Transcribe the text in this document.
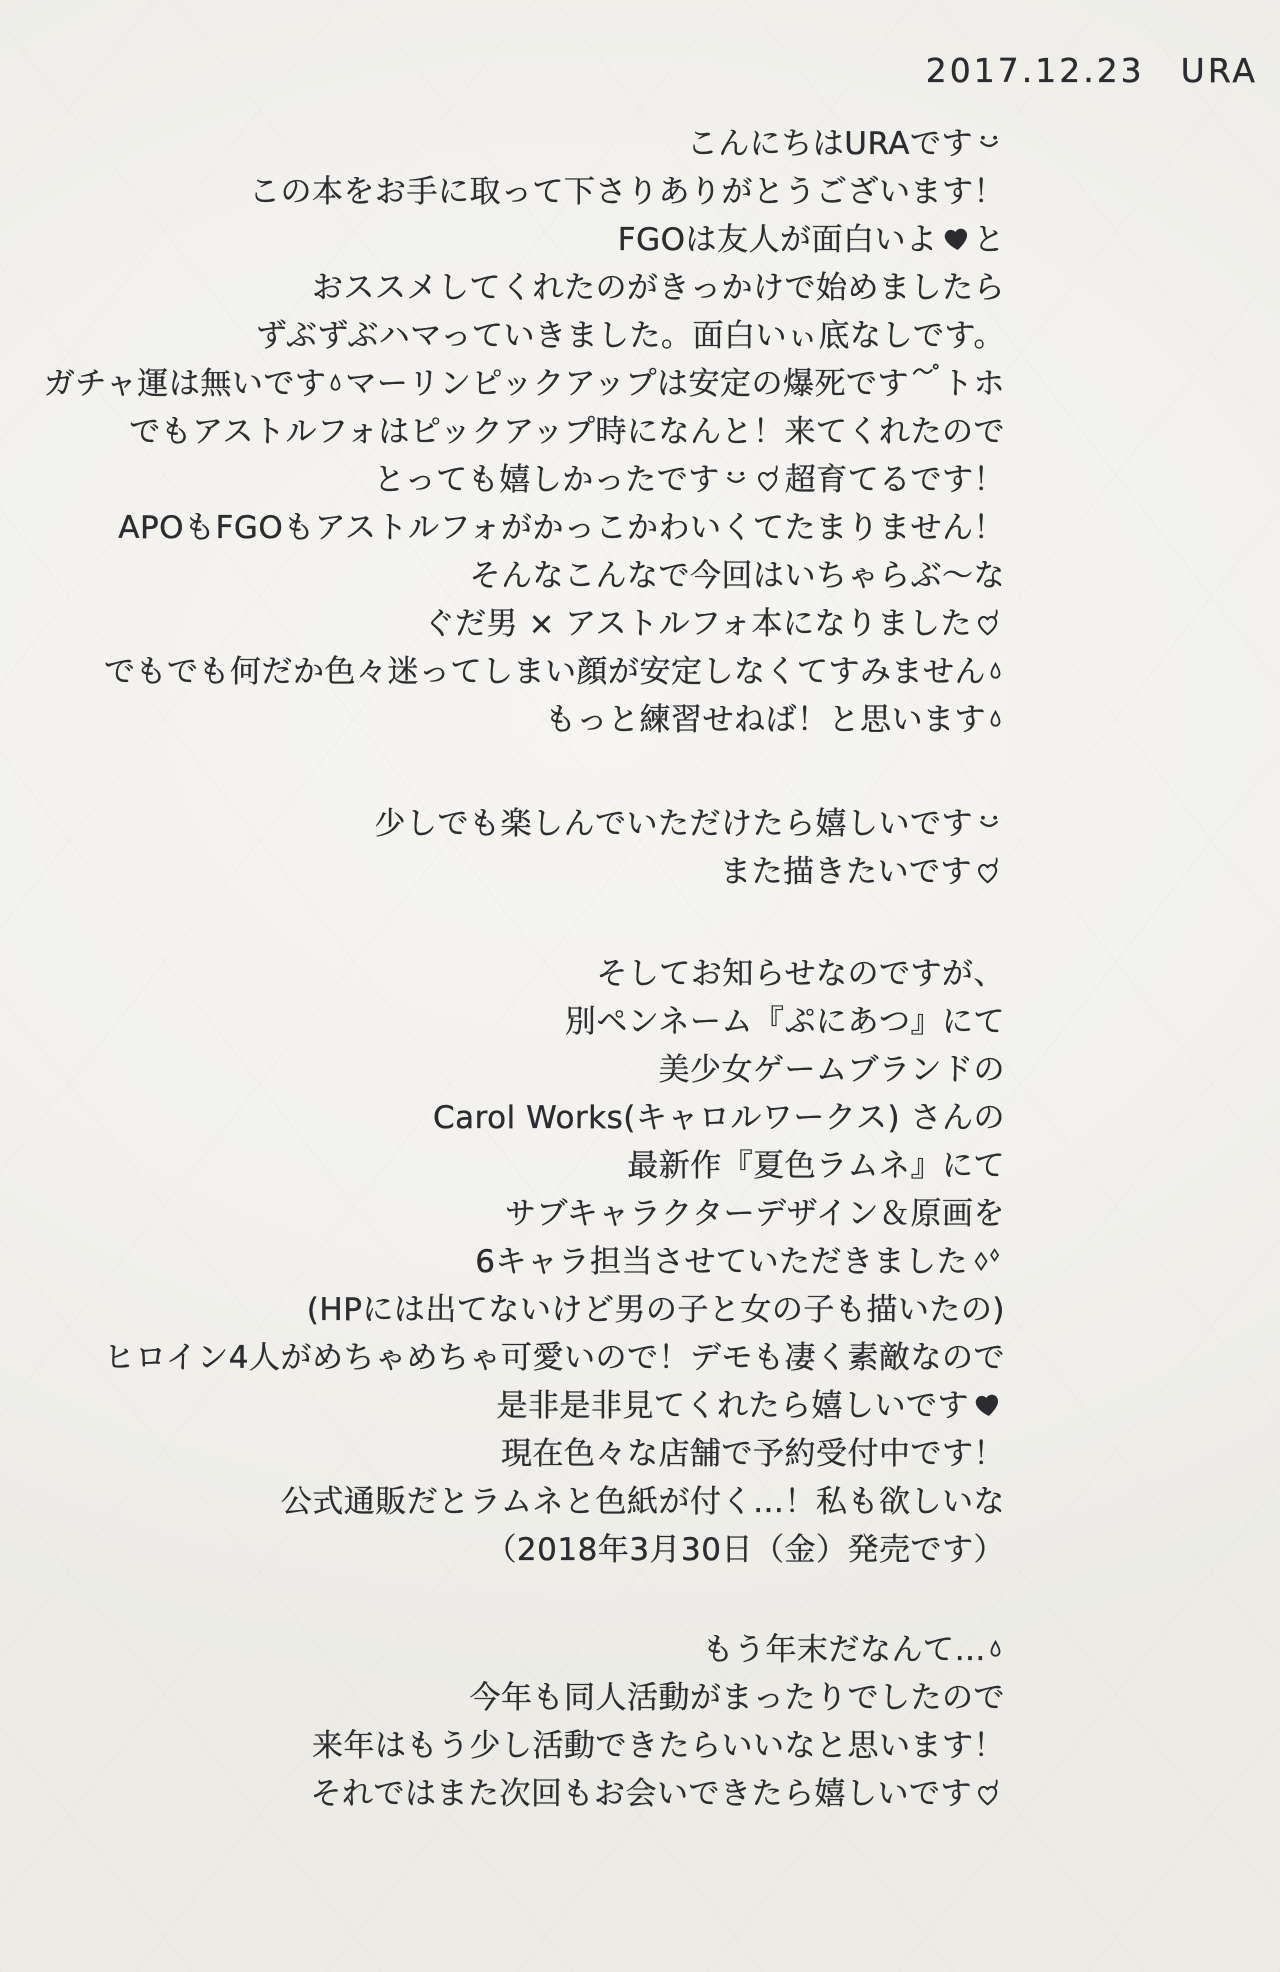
こんにちはURAです
この本をお手に取って下さりありがとうございます！
FGOは友人が面白いよ と
おススメしてくれたのがきっかけで始めましたら
ずぶずぶハマっていきました。面白いぃ底なしです。
ガチャ運は無いです マーリンピックアップは安定の爆死です トホ
でもアストルフォはピックアップ時になんと！来てくれたので
とっても嬉しかったです 超育てるです！
APOもFGOもアストルフォがかっこかわいくてたまりません！
そんなこんなで今回はいちゃらぶ～な
ぐだ男 × アストルフォ本になりました
でもでも何だか色々迷ってしまい顔が安定しなくてすみません
もっと練習せねば！と思います
少しでも楽しんでいただけたら嬉しいです
また描きたいです
そしてお知らせなのですが、
別ペンネーム『ぷにあつ』にて
美少女ゲームブランドの
Carol Works(キャロルワークス) さんの
最新作『夏色ラムネ』にて
サブキャラクターデザイン＆原画を
6キャラ担当させていただきました
(HPには出てないけど男の子と女の子も描いたの)
ヒロイン4人がめちゃめちゃ可愛いので！デモも凄く素敵なので
是非是非見てくれたら嬉しいです
現在色々な店舗で予約受付中です！
公式通販だとラムネと色紙が付く…！私も欲しいな
（2018年3月30日（金）発売です）
もう年末だなんて…
今年も同人活動がまったりでしたので
来年はもう少し活動できたらいいなと思います！
それではまた次回もお会いできたら嬉しいです
2017.12.23　URA
